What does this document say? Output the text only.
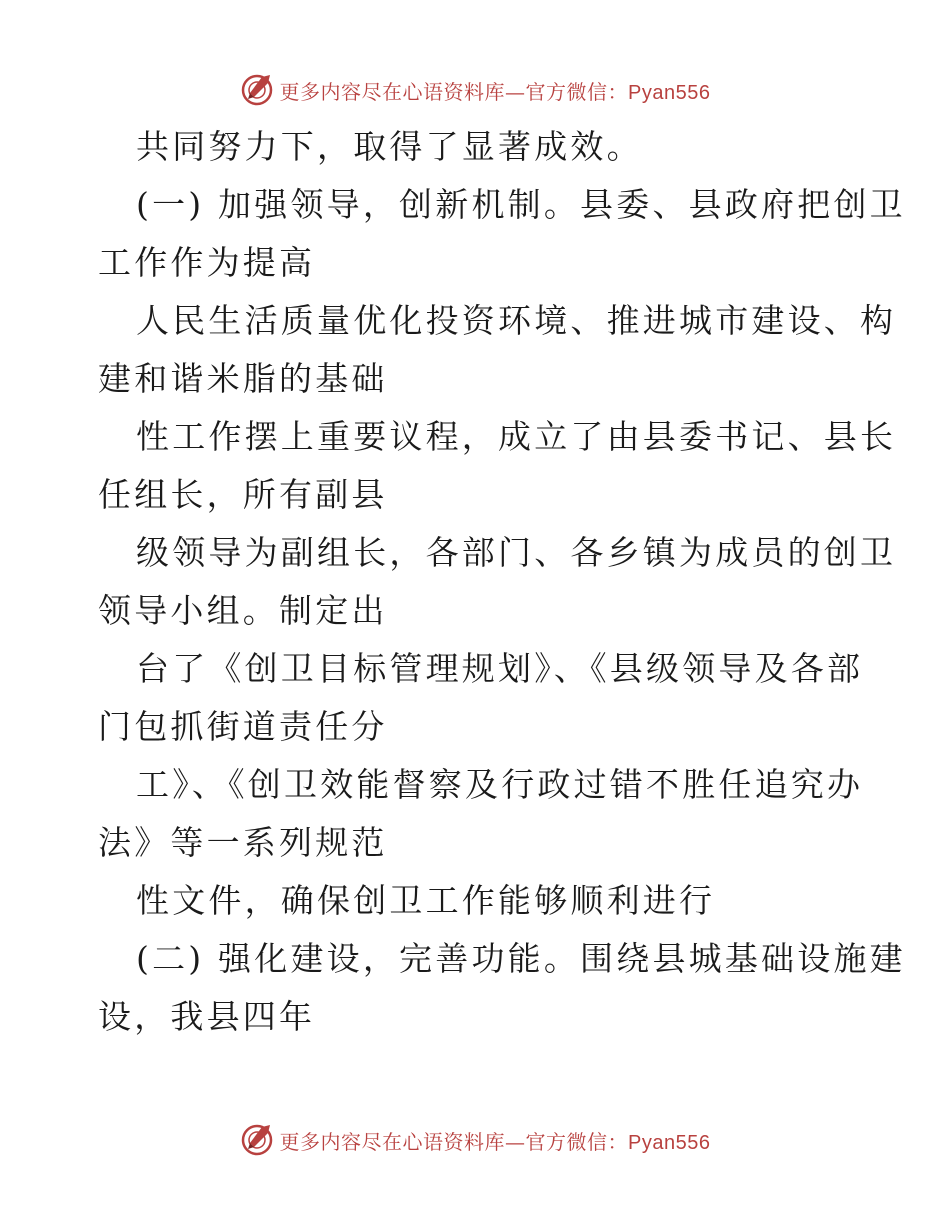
更多内容尽在心语资料库—官方微信：Pyan556
共同努力下，取得了显著成效。
(一) 加强领导，创新机制。县委、县政府把创卫
工作作为提高
人民生活质量优化投资环境、推进城市建设、构
建和谐米脂的基础
性工作摆上重要议程，成立了由县委书记、县长
任组长，所有副县
级领导为副组长，各部门、各乡镇为成员的创卫
领导小组。制定出
台了《创卫目标管理规划》、《县级领导及各部
门包抓街道责任分
工》、《创卫效能督察及行政过错不胜任追究办
法》等一系列规范
性文件，确保创卫工作能够顺利进行
(二) 强化建设，完善功能。围绕县城基础设施建
设，我县四年
更多内容尽在心语资料库—官方微信：Pyan556
